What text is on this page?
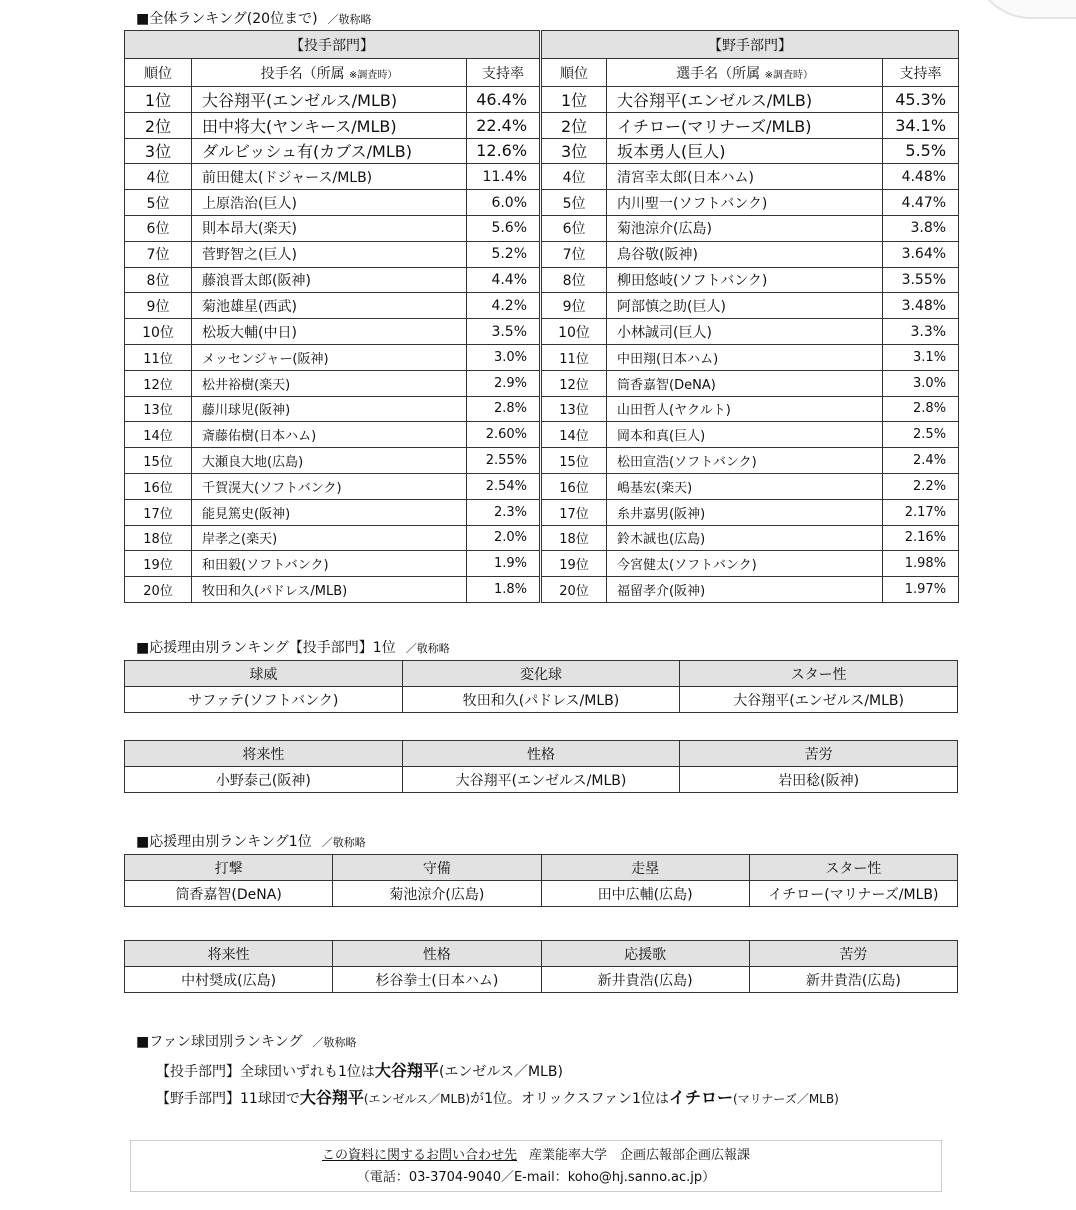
■全体ランキング(20位まで) ／敬称略
【投手部門】			【野手部門】		
順位	投手名（所属 ※調査時）	支持率	順位	選手名（所属 ※調査時）	支持率
1位	大谷翔平(エンゼルス/MLB)	46.4%	1位	大谷翔平(エンゼルス/MLB)	45.3%
2位	田中将大(ヤンキース/MLB)	22.4%	2位	イチロー(マリナーズ/MLB)	34.1%
3位	ダルビッシュ有(カブス/MLB)	12.6%	3位	坂本勇人(巨人)	5.5%
4位	前田健太(ドジャース/MLB)	11.4%	4位	清宮幸太郎(日本ハム)	4.48%
5位	上原浩治(巨人)	6.0%	5位	内川聖一(ソフトバンク)	4.47%
6位	則本昂大(楽天)	5.6%	6位	菊池涼介(広島)	3.8%
7位	菅野智之(巨人)	5.2%	7位	鳥谷敬(阪神)	3.64%
8位	藤浪晋太郎(阪神)	4.4%	8位	柳田悠岐(ソフトバンク)	3.55%
9位	菊池雄星(西武)	4.2%	9位	阿部慎之助(巨人)	3.48%
10位	松坂大輔(中日)	3.5%	10位	小林誠司(巨人)	3.3%
11位	メッセンジャー(阪神)	3.0%	11位	中田翔(日本ハム)	3.1%
12位	松井裕樹(楽天)	2.9%	12位	筒香嘉智(DeNA)	3.0%
13位	藤川球児(阪神)	2.8%	13位	山田哲人(ヤクルト)	2.8%
14位	斎藤佑樹(日本ハム)	2.60%	14位	岡本和真(巨人)	2.5%
15位	大瀬良大地(広島)	2.55%	15位	松田宣浩(ソフトバンク)	2.4%
16位	千賀滉大(ソフトバンク)	2.54%	16位	嶋基宏(楽天)	2.2%
17位	能見篤史(阪神)	2.3%	17位	糸井嘉男(阪神)	2.17%
18位	岸孝之(楽天)	2.0%	18位	鈴木誠也(広島)	2.16%
19位	和田毅(ソフトバンク)	1.9%	19位	今宮健太(ソフトバンク)	1.98%
20位	牧田和久(パドレス/MLB)	1.8%	20位	福留孝介(阪神)	1.97%
■応援理由別ランキング【投手部門】1位 ／敬称略
球威	変化球	スター性
サファテ(ソフトバンク)	牧田和久(パドレス/MLB)	大谷翔平(エンゼルス/MLB)
将来性	性格	苦労
小野泰己(阪神)	大谷翔平(エンゼルス/MLB)	岩田稔(阪神)
■応援理由別ランキング1位 ／敬称略
打撃	守備	走塁	スター性
筒香嘉智(DeNA)	菊池涼介(広島)	田中広輔(広島)	イチロー(マリナーズ/MLB)
将来性	性格	応援歌	苦労
中村奨成(広島)	杉谷拳士(日本ハム)	新井貴浩(広島)	新井貴浩(広島)
■ファン球団別ランキング ／敬称略
【投手部門】全球団いずれも1位は大谷翔平(エンゼルス／MLB)
【野手部門】11球団で大谷翔平(エンゼルス／MLB)が1位。オリックスファン1位はイチロー(マリナーズ／MLB)
この資料に関するお問い合わせ先 産業能率大学　企画広報部企画広報課
（電話：03‐3704‐9040／E-mail：koho@hj.sanno.ac.jp）
